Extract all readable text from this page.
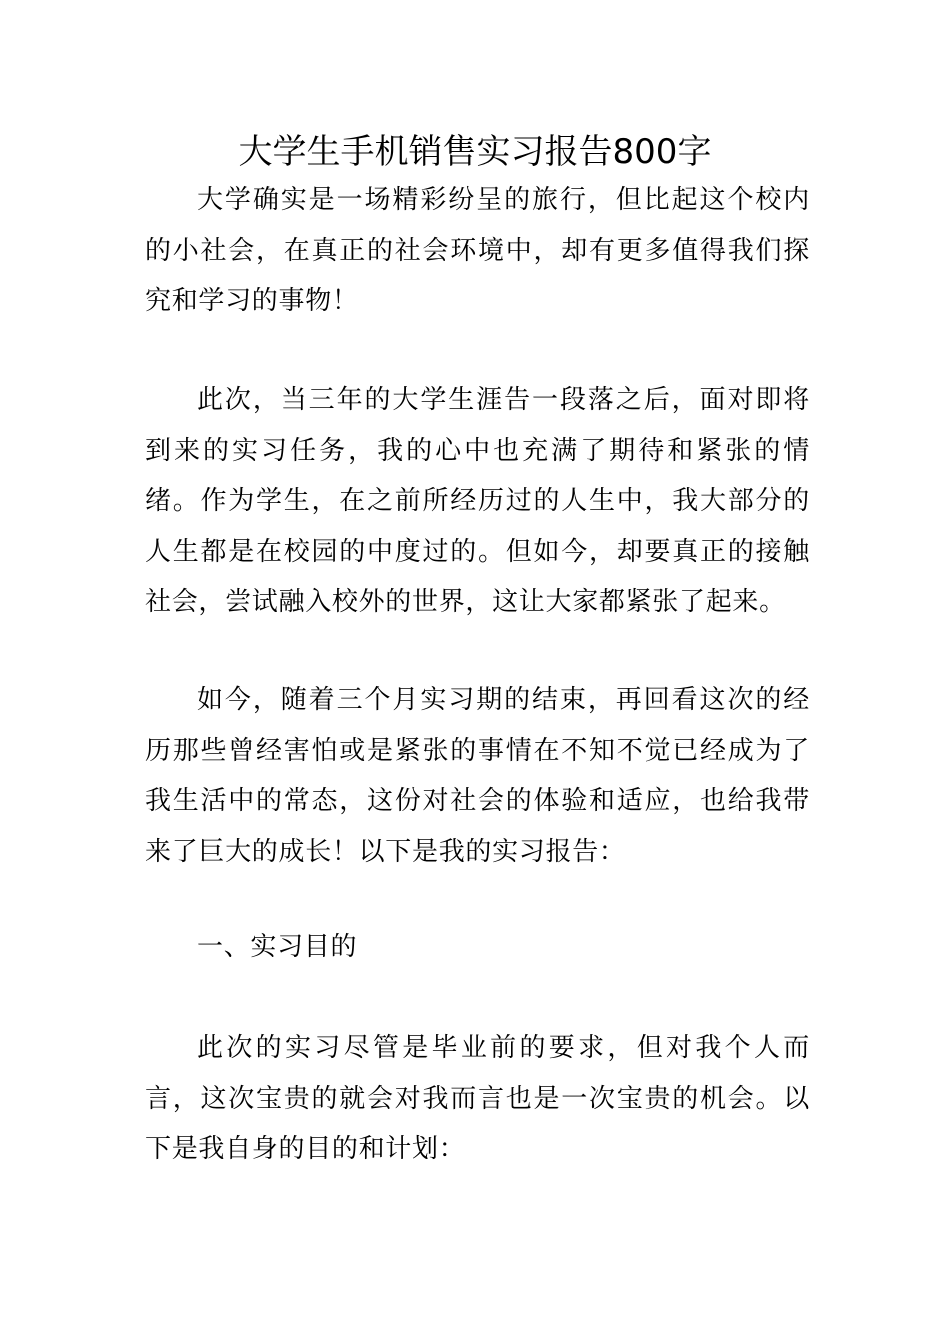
大学生手机销售实习报告800字

大学确实是一场精彩纷呈的旅行，但比起这个校内的小社会，在真正的社会环境中，却有更多值得我们探究和学习的事物！

此次，当三年的大学生涯告一段落之后，面对即将到来的实习任务，我的心中也充满了期待和紧张的情绪。作为学生，在之前所经历过的人生中，我大部分的人生都是在校园的中度过的。但如今，却要真正的接触社会，尝试融入校外的世界，这让大家都紧张了起来。

如今，随着三个月实习期的结束，再回看这次的经历那些曾经害怕或是紧张的事情在不知不觉已经成为了我生活中的常态，这份对社会的体验和适应，也给我带来了巨大的成长！以下是我的实习报告：

一、实习目的

此次的实习尽管是毕业前的要求，但对我个人而言，这次宝贵的就会对我而言也是一次宝贵的机会。以下是我自身的目的和计划：
